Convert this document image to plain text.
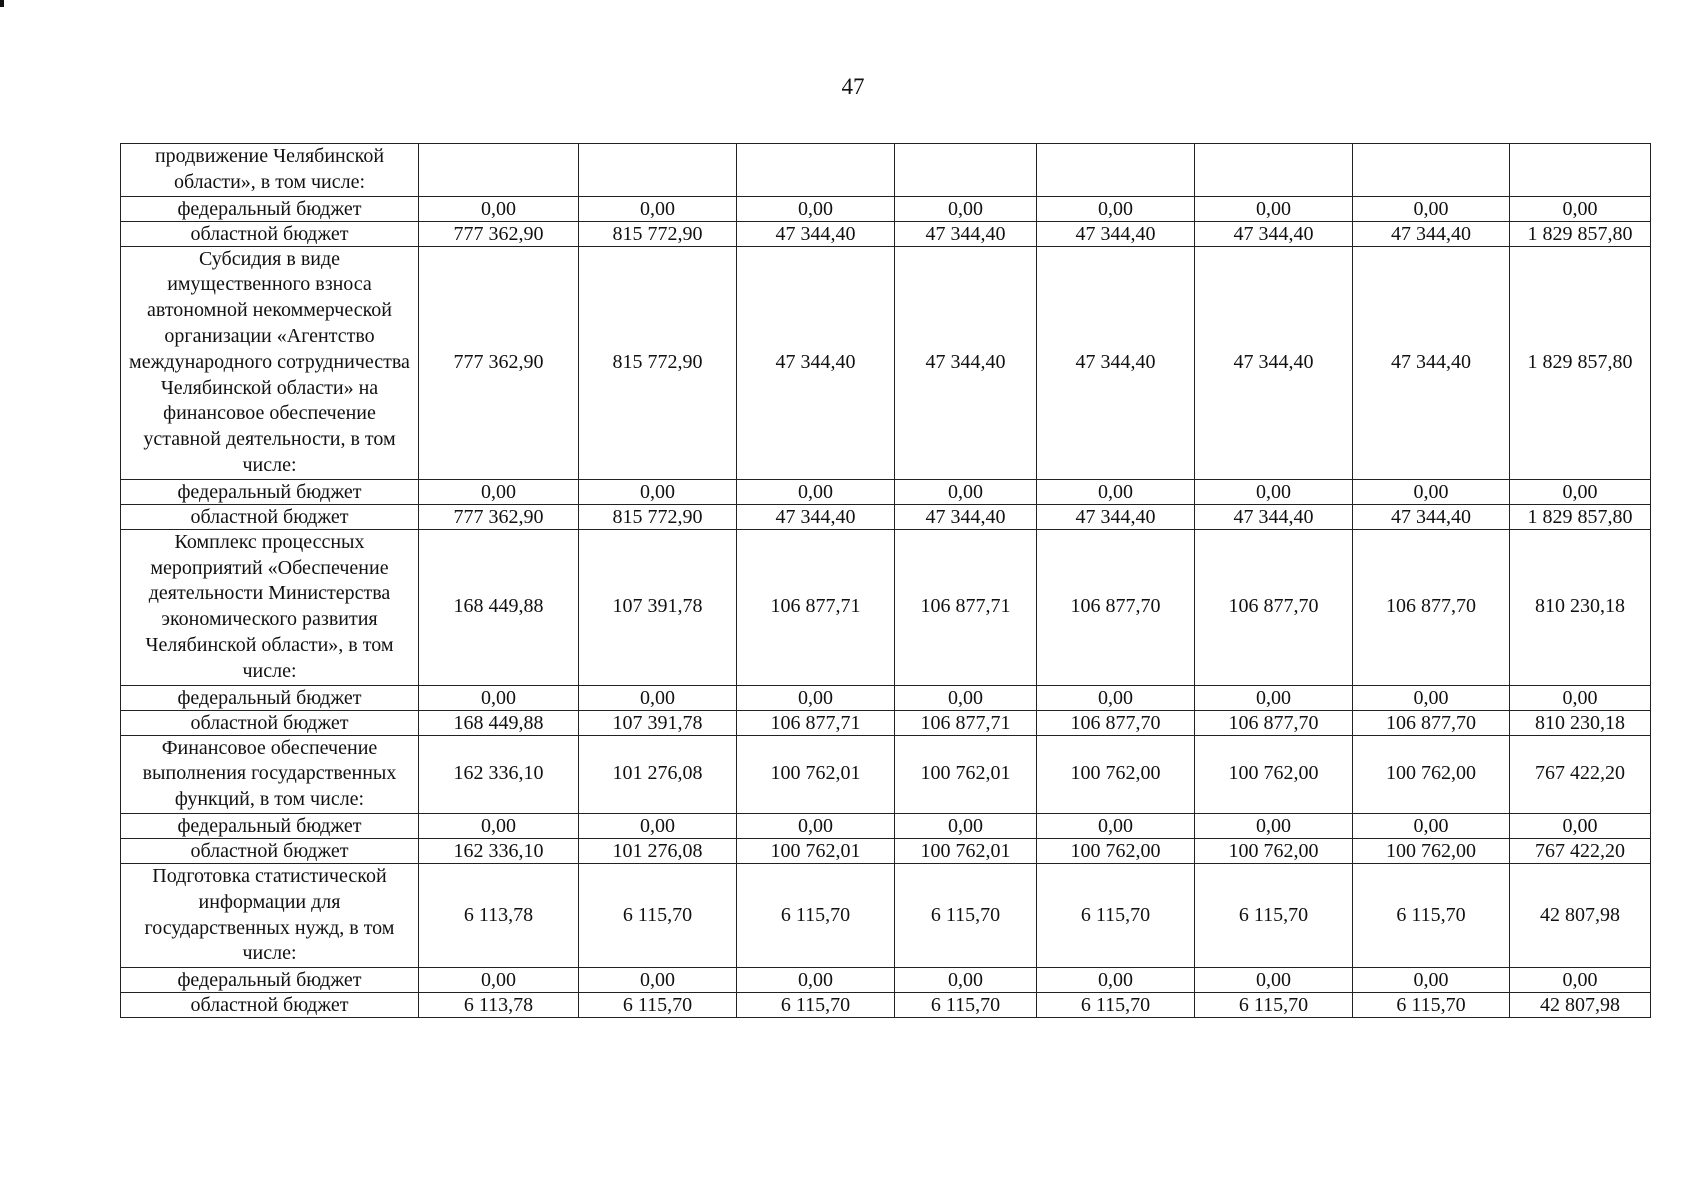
47
продвижение Челябинской области», в том числе:								
федеральный бюджет	0,00	0,00	0,00	0,00	0,00	0,00	0,00	0,00
областной бюджет	777 362,90	815 772,90	47 344,40	47 344,40	47 344,40	47 344,40	47 344,40	1 829 857,80
Субсидия в виде имущественного взноса автономной некоммерческой организации «Агентство международного сотрудничества Челябинской области» на финансовое обеспечение уставной деятельности, в том числе:	777 362,90	815 772,90	47 344,40	47 344,40	47 344,40	47 344,40	47 344,40	1 829 857,80
федеральный бюджет	0,00	0,00	0,00	0,00	0,00	0,00	0,00	0,00
областной бюджет	777 362,90	815 772,90	47 344,40	47 344,40	47 344,40	47 344,40	47 344,40	1 829 857,80
Комплекс процессных мероприятий «Обеспечение деятельности Министерства экономического развития Челябинской области», в том числе:	168 449,88	107 391,78	106 877,71	106 877,71	106 877,70	106 877,70	106 877,70	810 230,18
федеральный бюджет	0,00	0,00	0,00	0,00	0,00	0,00	0,00	0,00
областной бюджет	168 449,88	107 391,78	106 877,71	106 877,71	106 877,70	106 877,70	106 877,70	810 230,18
Финансовое обеспечение выполнения государственных функций, в том числе:	162 336,10	101 276,08	100 762,01	100 762,01	100 762,00	100 762,00	100 762,00	767 422,20
федеральный бюджет	0,00	0,00	0,00	0,00	0,00	0,00	0,00	0,00
областной бюджет	162 336,10	101 276,08	100 762,01	100 762,01	100 762,00	100 762,00	100 762,00	767 422,20
Подготовка статистической информации для государственных нужд, в том числе:	6 113,78	6 115,70	6 115,70	6 115,70	6 115,70	6 115,70	6 115,70	42 807,98
федеральный бюджет	0,00	0,00	0,00	0,00	0,00	0,00	0,00	0,00
областной бюджет	6 113,78	6 115,70	6 115,70	6 115,70	6 115,70	6 115,70	6 115,70	42 807,98
